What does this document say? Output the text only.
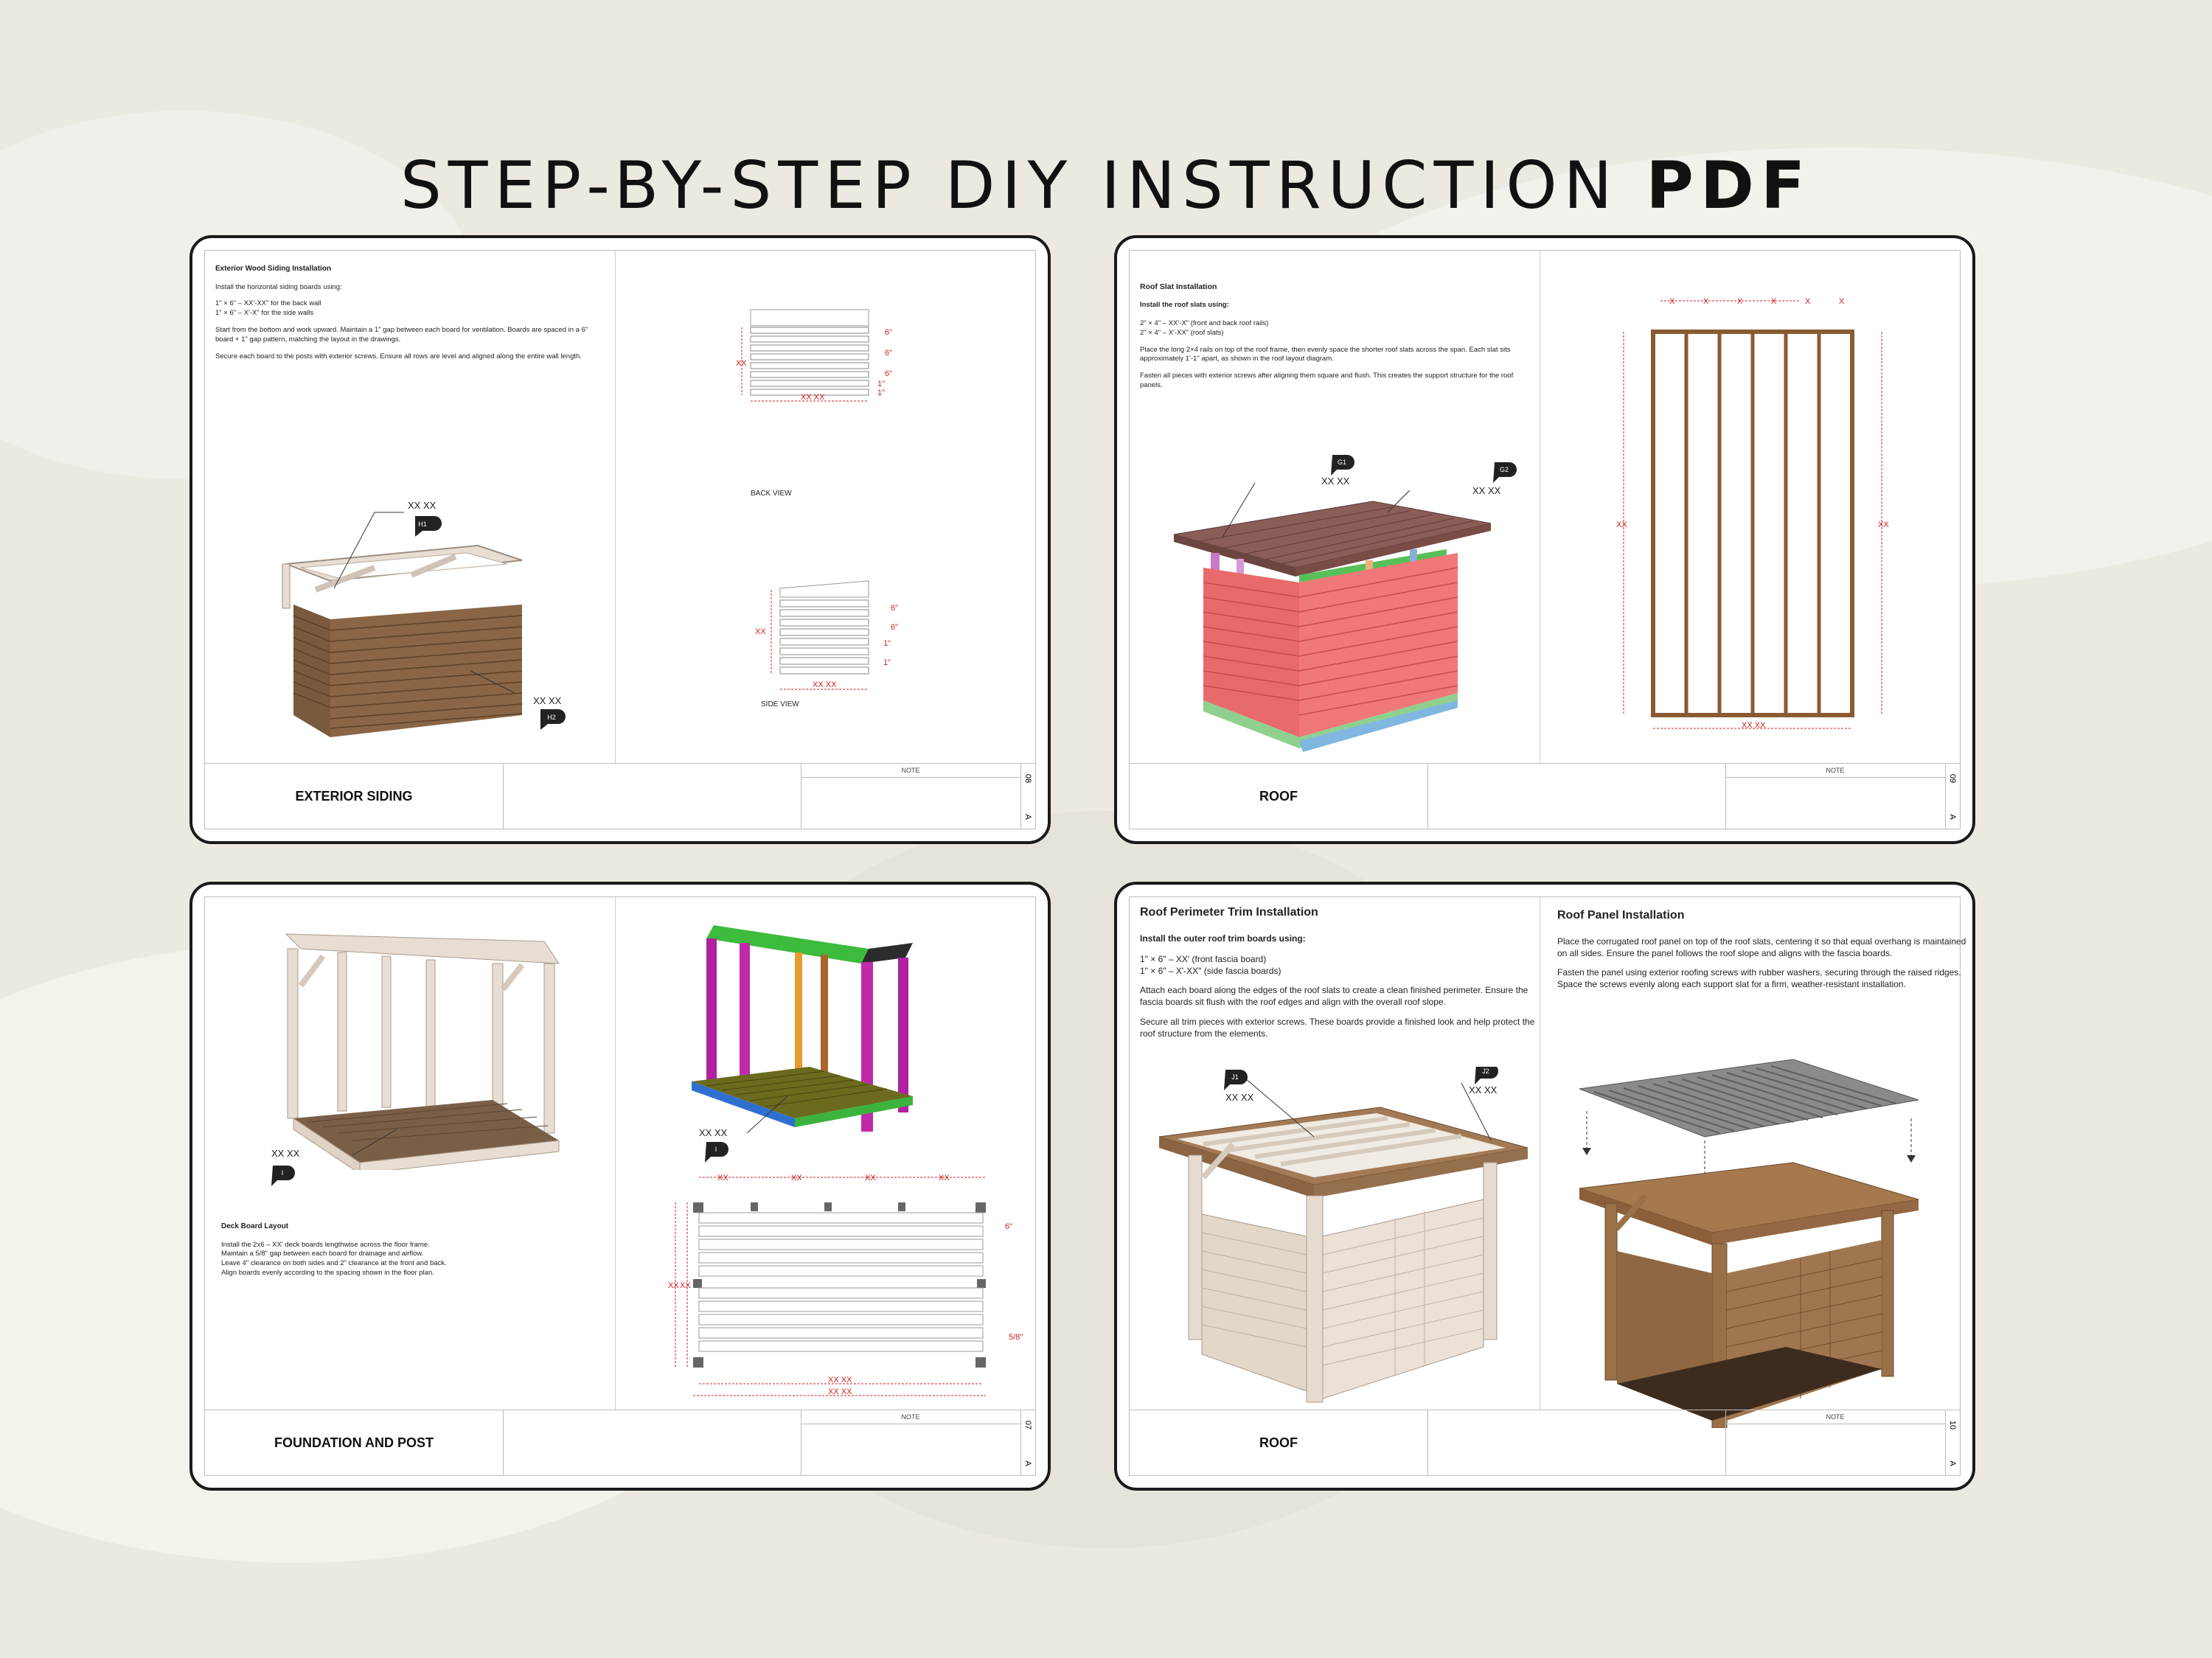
STEP-BY-STEP DIY INSTRUCTION PDF
Exterior Wood Siding Installation

Install the horizontal siding boards using:

1" × 6" – XX'-XX" for the back wall

1" × 6" – X'-X" for the side walls

Start from the bottom and work upward. Maintain a 1" gap between each board for ventilation. Boards are spaced in a 6" board + 1" gap pattern, matching the layout in the drawings.

Secure each board to the posts with exterior screws. Ensure all rows are level and aligned along the entire wall length.

XX XX
H1
XX XX
H2
XX
XX XX
6"
6"
6"
1"
1"
BACK VIEW
XX
XX XX
6"
6"
1"
1"
SIDE VIEW
EXTERIOR SIDING
NOTE
08
A
Roof Slat Installation
Install the roof slats using:
2" × 4" – XX'-X" (front and back roof rails)

2" × 4" – X'-XX" (roof slats)

Place the long 2×4 rails on top of the roof frame, then evenly space the shorter roof slats across the span. Each slat sits approximately 1'-1" apart, as shown in the roof layout diagram.

Fasten all pieces with exterior screws after aligning them square and flush. This creates the support structure for the roof panels.

G1
XX XX
G2
XX XX
X	X	X	X	X	X
XX	XX
XX XX
ROOF
NOTE
09
A
XX XX
I
Deck Board Layout
Install the 2x6 – XX' deck boards lengthwise across the floor frame.
Maintain a 5/8" gap between each board for drainage and airflow.
Leave 4" clearance on both sides and 2" clearance at the front and back.
Align boards evenly according to the spacing shown in the floor plan.
XX XX
I
XX	XX	XX	XX
XX XX
6"
5/8"
XX XX
XX XX
FOUNDATION AND POST
NOTE
07
A
Roof Perimeter Trim Installation
Install the outer roof trim boards using:
1" × 6" – XX' (front fascia board)

1" × 6" – X'-XX" (side fascia boards)

Attach each board along the edges of the roof slats to create a clean finished perimeter. Ensure the fascia boards sit flush with the roof edges and align with the overall roof slope.

Secure all trim pieces with exterior screws. These boards provide a finished look and help protect the roof structure from the elements.

J1
XX XX
J2
XX XX
Roof Panel Installation

Place the corrugated roof panel on top of the roof slats, centering it so that equal overhang is maintained on all sides. Ensure the panel follows the roof slope and aligns with the fascia boards.

Fasten the panel using exterior roofing screws with rubber washers, securing through the raised ridges. Space the screws evenly along each support slat for a firm, weather-resistant installation.

ROOF
NOTE
10
A
